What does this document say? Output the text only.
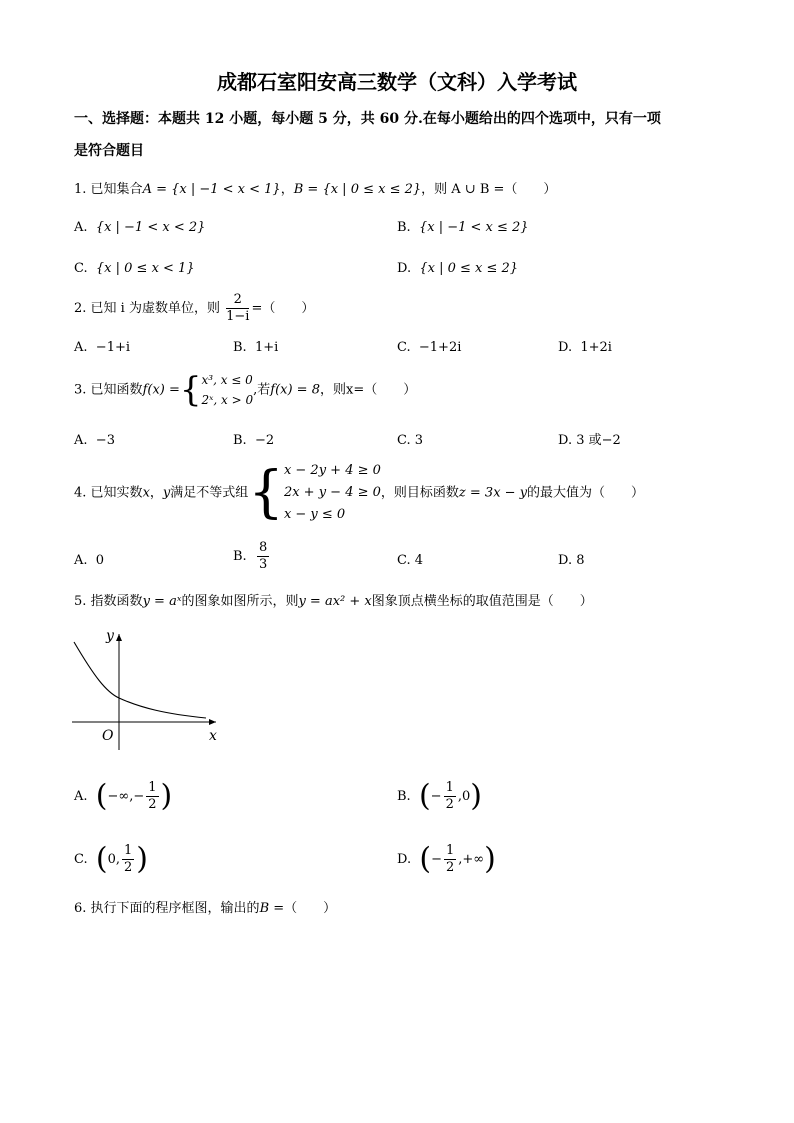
成都石室阳安高三数学（文科）入学考试
一、选择题：本题共 12 小题，每小题 5 分，共 60 分.在每小题给出的四个选项中，只有一项
是符合题目
1. 已知集合A = {x | −1 < x < 1}，B = {x | 0 ≤ x ≤ 2}，则 A ∪ B =（　　）
A. {x | −1 < x < 2}	B. {x | −1 < x ≤ 2}
C. {x | 0 ≤ x < 1}	D. {x | 0 ≤ x ≤ 2}
2. 已知 i 为虚数单位，则 $\frac{2}{1-i}$ =（　　）
A. −1+i	B. 1+i	C. −1+2i	D. 1+2i
3. 已知函数f(x) ={ x³, x ≤ 0
2ˣ, x > 0
,若f(x) = 8，则x=（　　）
A. −3	B. −2	C. 3	D. 3 或−2
4. 已知实数x，y满足不等式组{ x − 2y + 4 ≥ 0
2x + y − 4 ≥ 0
x − y ≤ 0
，则目标函数z = 3x − y的最大值为（　　）
A. 0	B. $\frac{8}{3}$	C. 4	D. 8
5. 指数函数y = aˣ的图象如图所示，则y = ax² + x图象顶点横坐标的取值范围是（　　）
y
x
O
A. (−∞,− $\frac{1}{2}$ )	B. (− $\frac{1}{2} ,0$)
C. (0, $\frac{1}{2}$ )	D. (− $\frac{1}{2}$ ,+∞)
6. 执行下面的程序框图，输出的B =（　　）
